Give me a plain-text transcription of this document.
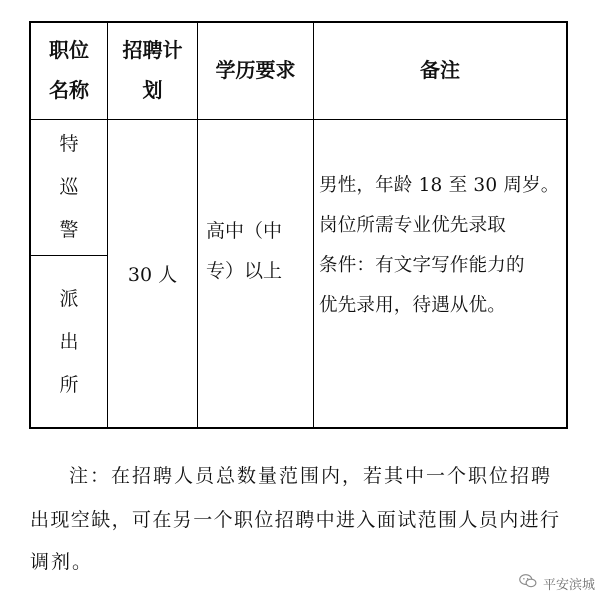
职位
名称
招聘计
划
学历要求	备注
特
巡
警
派
出
所
30 人
高中（中
专）以上
男性，年龄 18 至 30 周岁。
岗位所需专业优先录取
条件：有文字写作能力的
优先录用，待遇从优。
注：在招聘人员总数量范围内，若其中一个职位招聘
出现空缺，可在另一个职位招聘中进入面试范围人员内进行
调剂。
平安滨城
